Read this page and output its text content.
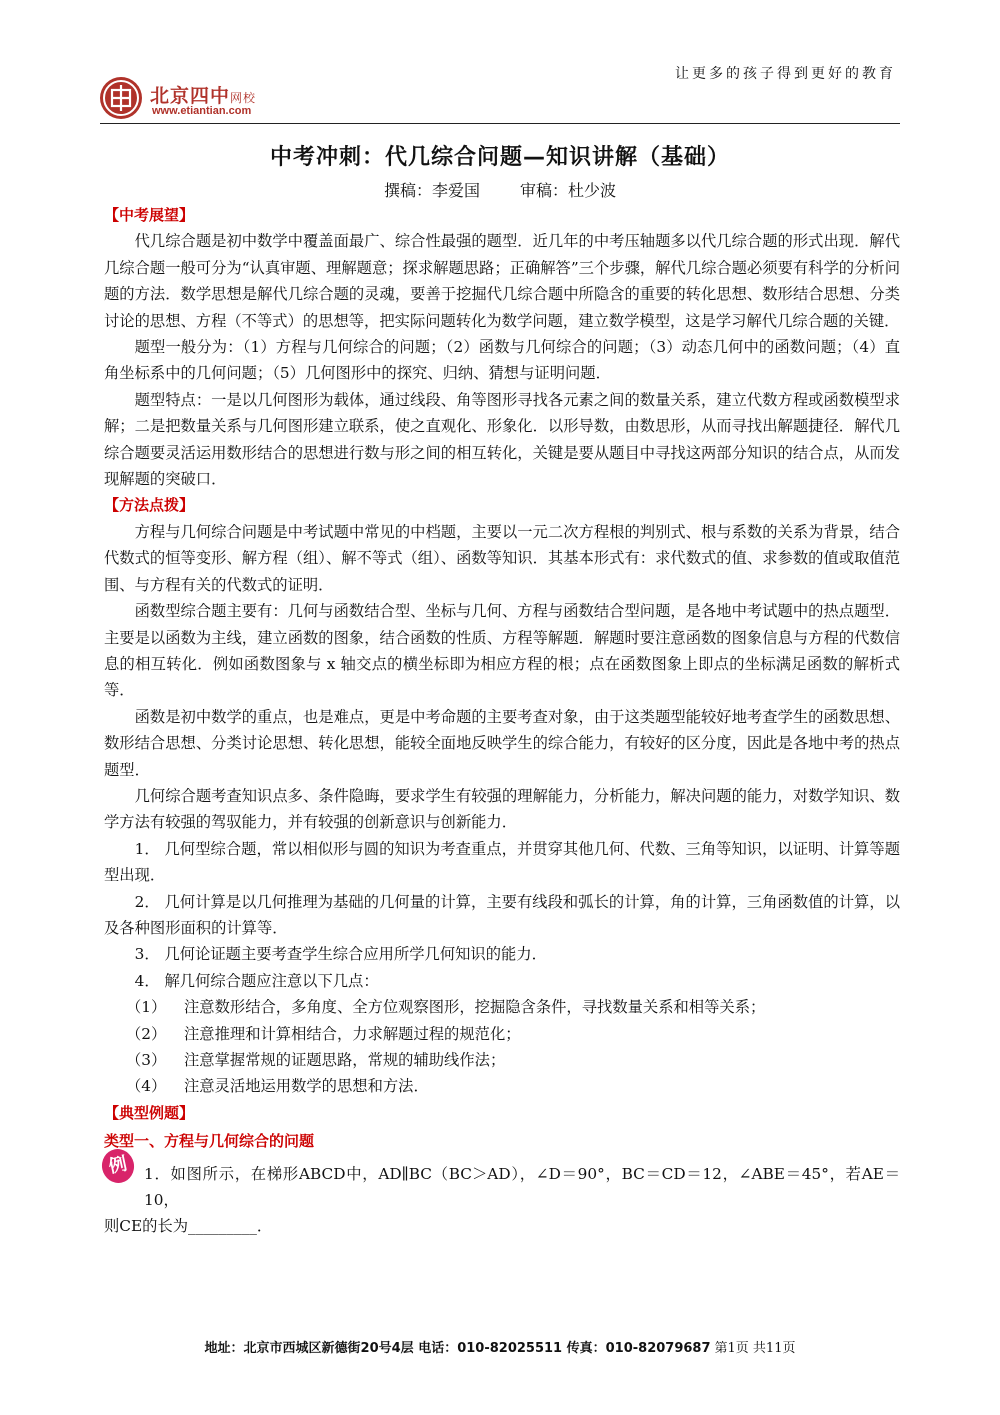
北京四中网校
www.etiantian.com
让更多的孩子得到更好的教育
中考冲刺：代几综合问题—知识讲解（基础）
撰稿：李爱国	审稿：杜少波

【中考展望】

代几综合题是初中数学中覆盖面最广、综合性最强的题型．近几年的中考压轴题多以代几综合题的形式出现．解代几综合题一般可分为“认真审题、理解题意；探求解题思路；正确解答”三个步骤，解代几综合题必须要有科学的分析问题的方法．数学思想是解代几综合题的灵魂，要善于挖掘代几综合题中所隐含的重要的转化思想、数形结合思想、分类讨论的思想、方程（不等式）的思想等，把实际问题转化为数学问题，建立数学模型，这是学习解代几综合题的关键．

题型一般分为：（1）方程与几何综合的问题；（2）函数与几何综合的问题；（3）动态几何中的函数问题；（4）直角坐标系中的几何问题；（5）几何图形中的探究、归纳、猜想与证明问题．

题型特点：一是以几何图形为载体，通过线段、角等图形寻找各元素之间的数量关系，建立代数方程或函数模型求解；二是把数量关系与几何图形建立联系，使之直观化、形象化．以形导数，由数思形，从而寻找出解题捷径．解代几综合题要灵活运用数形结合的思想进行数与形之间的相互转化，关键是要从题目中寻找这两部分知识的结合点，从而发现解题的突破口．

【方法点拨】

方程与几何综合问题是中考试题中常见的中档题，主要以一元二次方程根的判别式、根与系数的关系为背景，结合代数式的恒等变形、解方程（组）、解不等式（组）、函数等知识．其基本形式有：求代数式的值、求参数的值或取值范围、与方程有关的代数式的证明．

函数型综合题主要有：几何与函数结合型、坐标与几何、方程与函数结合型问题，是各地中考试题中的热点题型．主要是以函数为主线，建立函数的图象，结合函数的性质、方程等解题．解题时要注意函数的图象信息与方程的代数信息的相互转化．例如函数图象与 x 轴交点的横坐标即为相应方程的根；点在函数图象上即点的坐标满足函数的解析式等．

函数是初中数学的重点，也是难点，更是中考命题的主要考查对象，由于这类题型能较好地考查学生的函数思想、数形结合思想、分类讨论思想、转化思想，能较全面地反映学生的综合能力，有较好的区分度，因此是各地中考的热点题型．

几何综合题考查知识点多、条件隐晦，要求学生有较强的理解能力，分析能力，解决问题的能力，对数学知识、数学方法有较强的驾驭能力，并有较强的创新意识与创新能力．

1． 几何型综合题，常以相似形与圆的知识为考查重点，并贯穿其他几何、代数、三角等知识，以证明、计算等题型出现．

2． 几何计算是以几何推理为基础的几何量的计算，主要有线段和弧长的计算，角的计算，三角函数值的计算，以及各种图形面积的计算等．

3． 几何论证题主要考查学生综合应用所学几何知识的能力．

4． 解几何综合题应注意以下几点：

（1） 注意数形结合，多角度、全方位观察图形，挖掘隐含条件，寻找数量关系和相等关系；

（2） 注意推理和计算相结合，力求解题过程的规范化；

（3） 注意掌握常规的证题思路，常规的辅助线作法；

（4） 注意灵活地运用数学的思想和方法．

【典型例题】

类型一、方程与几何综合的问题

例 1．如图所示，在梯形ABCD中，AD∥BC（BC＞AD），∠D＝90°，BC＝CD＝12，∠ABE＝45°，若AE＝10，

则CE的长为_________．

地址：北京市西城区新德街20号4层 电话：010-82025511 传真：010-82079687 第1页 共11页
